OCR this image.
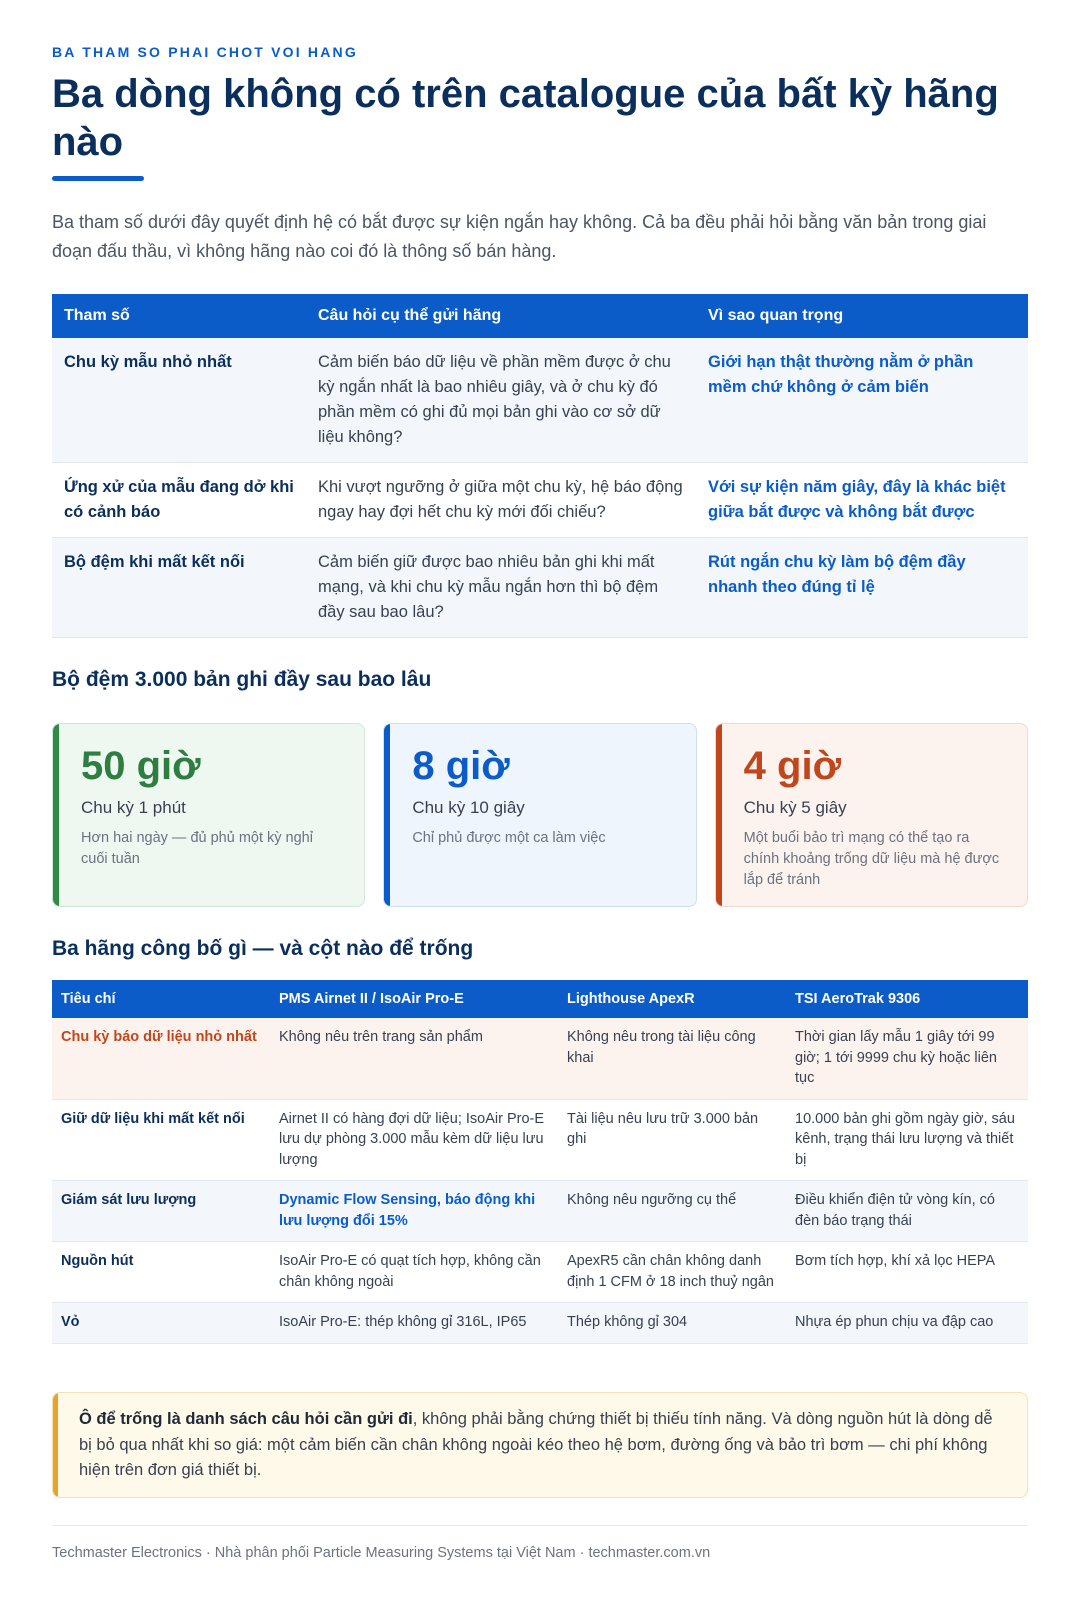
BA THAM SO PHAI CHOT VOI HANG
Ba dòng không có trên catalogue của bất kỳ hãng nào

Ba tham số dưới đây quyết định hệ có bắt được sự kiện ngắn hay không. Cả ba đều phải hỏi bằng văn bản trong giai đoạn đấu thầu, vì không hãng nào coi đó là thông số bán hàng.

Tham số	Câu hỏi cụ thể gửi hãng	Vì sao quan trọng
Chu kỳ mẫu nhỏ nhất	Cảm biến báo dữ liệu về phần mềm được ở chu kỳ ngắn nhất là bao nhiêu giây, và ở chu kỳ đó phần mềm có ghi đủ mọi bản ghi vào cơ sở dữ liệu không?	Giới hạn thật thường nằm ở phần mềm chứ không ở cảm biến
Ứng xử của mẫu đang dở khi có cảnh báo	Khi vượt ngưỡng ở giữa một chu kỳ, hệ báo động ngay hay đợi hết chu kỳ mới đối chiếu?	Với sự kiện năm giây, đây là khác biệt giữa bắt được và không bắt được
Bộ đệm khi mất kết nối	Cảm biến giữ được bao nhiêu bản ghi khi mất mạng, và khi chu kỳ mẫu ngắn hơn thì bộ đệm đầy sau bao lâu?	Rút ngắn chu kỳ làm bộ đệm đầy nhanh theo đúng tỉ lệ
Bộ đệm 3.000 bản ghi đầy sau bao lâu
50 giờ
Chu kỳ 1 phút
Hơn hai ngày — đủ phủ một kỳ nghỉ cuối tuần
8 giờ
Chu kỳ 10 giây
Chỉ phủ được một ca làm việc
4 giờ
Chu kỳ 5 giây
Một buổi bảo trì mạng có thể tạo ra chính khoảng trống dữ liệu mà hệ được lắp để tránh
Ba hãng công bố gì — và cột nào để trống
Tiêu chí	PMS Airnet II / IsoAir Pro-E	Lighthouse ApexR	TSI AeroTrak 9306
Chu kỳ báo dữ liệu nhỏ nhất	Không nêu trên trang sản phẩm	Không nêu trong tài liệu công khai	Thời gian lấy mẫu 1 giây tới 99 giờ; 1 tới 9999 chu kỳ hoặc liên tục
Giữ dữ liệu khi mất kết nối	Airnet II có hàng đợi dữ liệu; IsoAir Pro-E lưu dự phòng 3.000 mẫu kèm dữ liệu lưu lượng	Tài liệu nêu lưu trữ 3.000 bản ghi	10.000 bản ghi gồm ngày giờ, sáu kênh, trạng thái lưu lượng và thiết bị
Giám sát lưu lượng	Dynamic Flow Sensing, báo động khi lưu lượng đổi 15%	Không nêu ngưỡng cụ thể	Điều khiển điện tử vòng kín, có đèn báo trạng thái
Nguồn hút	IsoAir Pro-E có quạt tích hợp, không cần chân không ngoài	ApexR5 cần chân không danh định 1 CFM ở 18 inch thuỷ ngân	Bơm tích hợp, khí xả lọc HEPA
Vỏ	IsoAir Pro-E: thép không gỉ 316L, IP65	Thép không gỉ 304	Nhựa ép phun chịu va đập cao

Ô để trống là danh sách câu hỏi cần gửi đi, không phải bằng chứng thiết bị thiếu tính năng. Và dòng nguồn hút là dòng dễ bị bỏ qua nhất khi so giá: một cảm biến cần chân không ngoài kéo theo hệ bơm, đường ống và bảo trì bơm — chi phí không hiện trên đơn giá thiết bị.

Techmaster Electronics · Nhà phân phối Particle Measuring Systems tại Việt Nam · techmaster.com.vn
